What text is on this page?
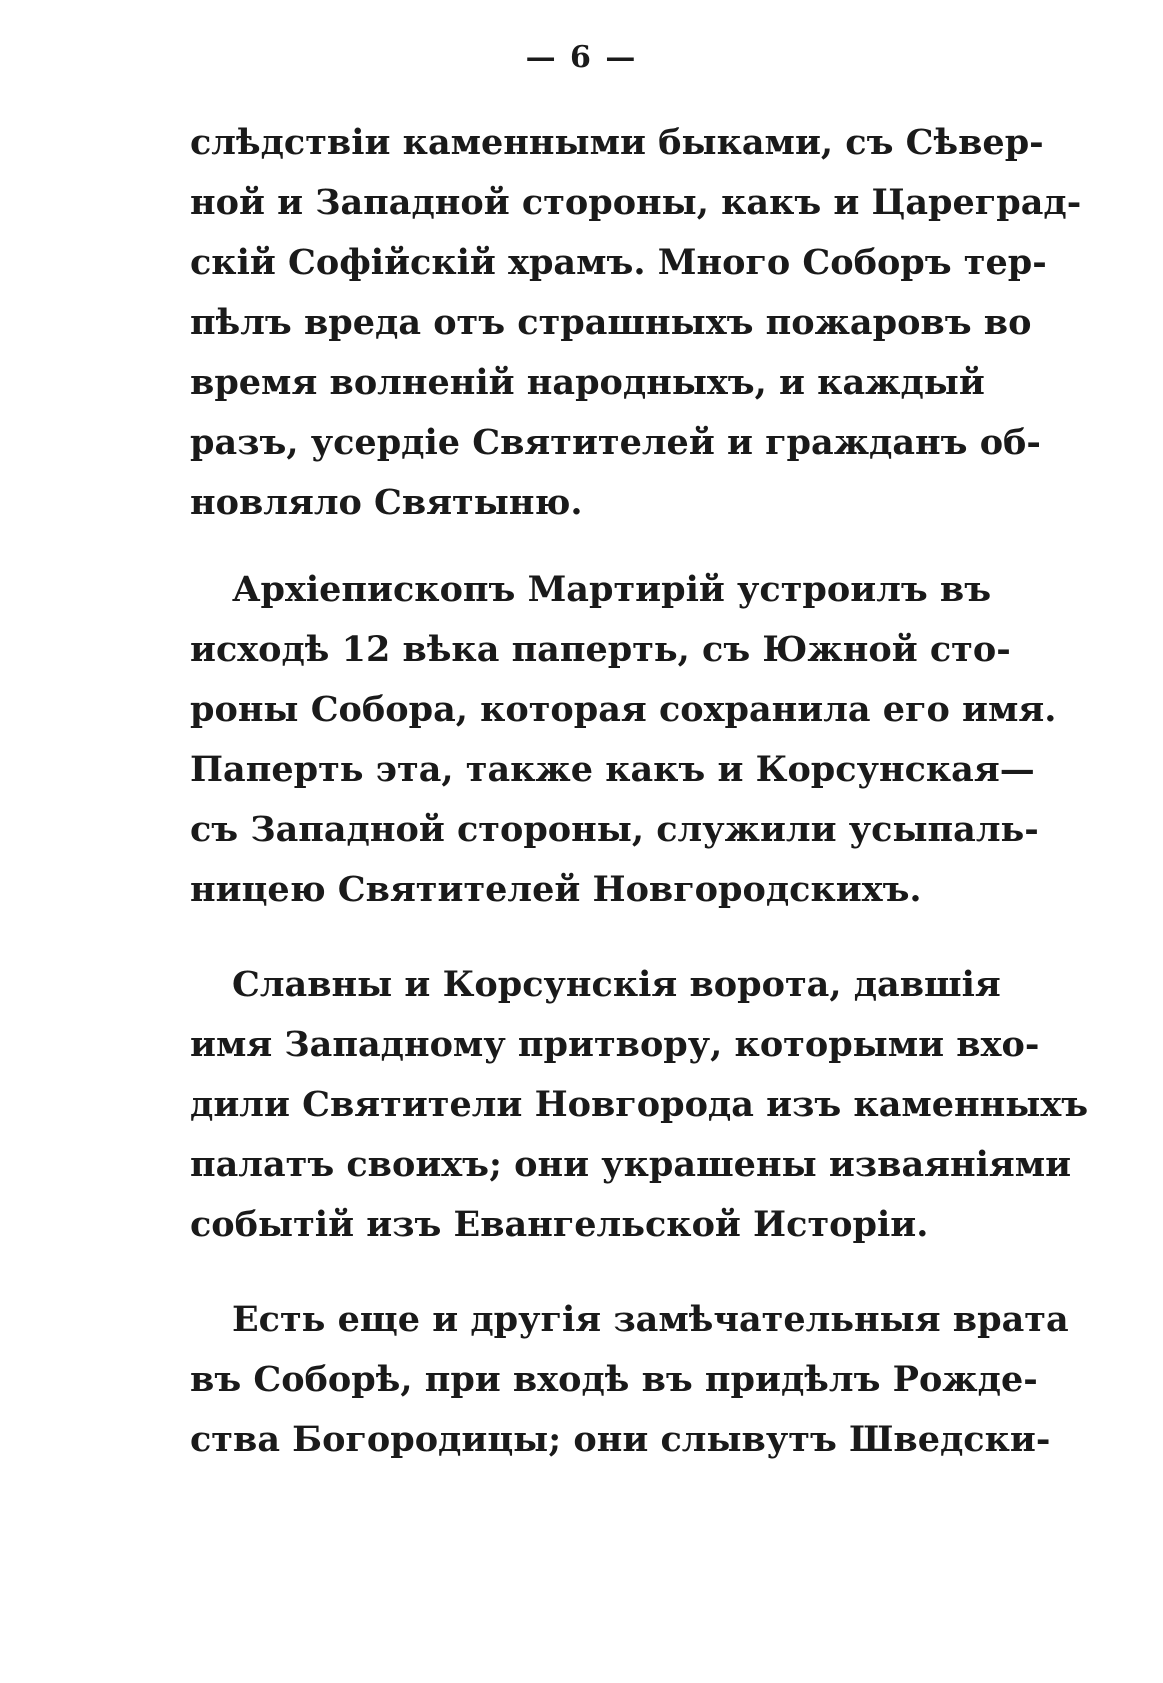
— 6 —
слѣдствіи каменными быками, съ Сѣвер-
ной и Западной стороны, какъ и Цареград-
скій Софійскій храмъ. Много Соборъ тер-
пѣлъ вреда отъ страшныхъ пожаровъ во
время волненій народныхъ, и каждый
разъ, усердіе Святителей и гражданъ об-
новляло Святыню.
Архіепископъ Мартирій устроилъ въ
исходѣ 12 вѣка паперть, съ Южной сто-
роны Собора, которая сохранила его имя.
Паперть эта, также какъ и Корсунская—
съ Западной стороны, служили усыпаль-
ницею Святителей Новгородскихъ.
Славны и Корсунскія ворота, давшія
имя Западному притвору, которыми вхо-
дили Святители Новгорода изъ каменныхъ
палатъ своихъ; они украшены изваяніями
событій изъ Евангельской Исторіи.
Есть еще и другія замѣчательныя врата
въ Соборѣ, при входѣ въ придѣлъ Рожде-
ства Богородицы; они слывутъ Шведски-
